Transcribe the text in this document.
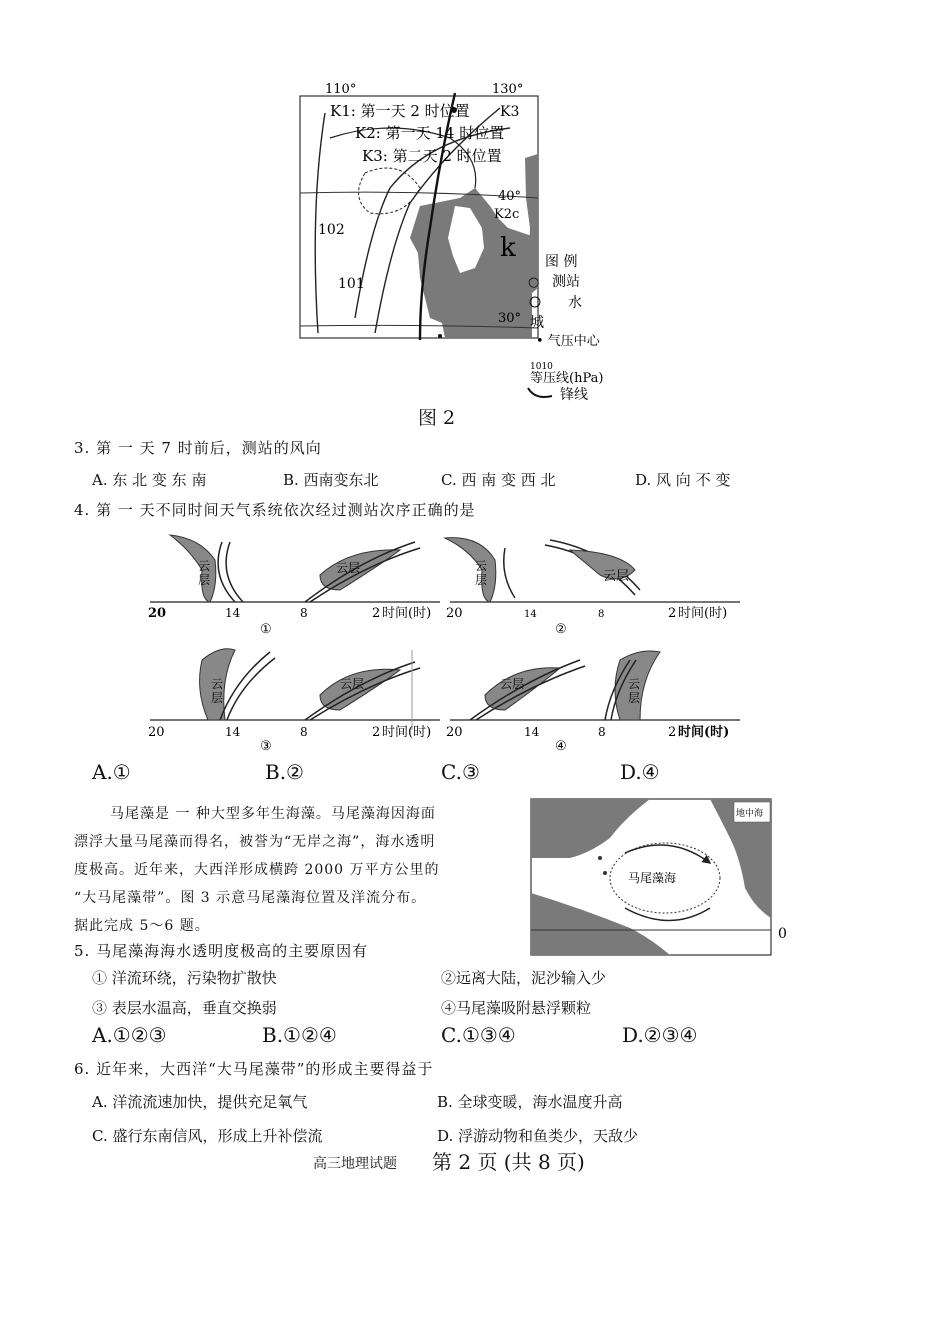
110°	130°
K1: 第一天 2 时位置 K3
K2: 第一天 14 时位置
K3: 第二天 2 时位置
40°
K2c
k
102
101
30°
图 例
○ 测站
水
城
• 气压中心
1010
等压线(hPa)
锋线
图 2
3. 第 一 天 7 时前后，测站的风向
A. 东 北 变 东 南	B. 西南变东北	C. 西 南 变 西 北	D. 风 向 不 变
4. 第 一 天不同时间天气系统依次经过测站次序正确的是
云
层
云层
20	14	8	2 时间(时)
①
云
层	云层
20	14	8	2 时间(时)
②
云
层
云层
20	14	8	2 时间(时)
③
云层	云
层
20	14	8	2 时间(时)
④
A.①	B.②	C.③	D.④
马尾藻是 一 种大型多年生海藻。马尾藻海因海面
漂浮大量马尾藻而得名，被誉为“无岸之海”，海水透明
度极高。近年来，大西洋形成横跨 2000 万平方公里的
“大马尾藻带”。图 3 示意马尾藻海位置及洋流分布。
据此完成 5～6 题。
马尾藻海
地中海
0
5. 马尾藻海海水透明度极高的主要原因有
① 洋流环绕，污染物扩散快	②远离大陆，泥沙输入少
③ 表层水温高，垂直交换弱	④马尾藻吸附悬浮颗粒
A.①②③	B.①②④	C.①③④	D.②③④
6. 近年来，大西洋“大马尾藻带”的形成主要得益于
A. 洋流流速加快，提供充足氧气	B. 全球变暖，海水温度升高
C. 盛行东南信风，形成上升补偿流	D. 浮游动物和鱼类少，天敌少
高三地理试题 第 2 页 (共 8 页)
